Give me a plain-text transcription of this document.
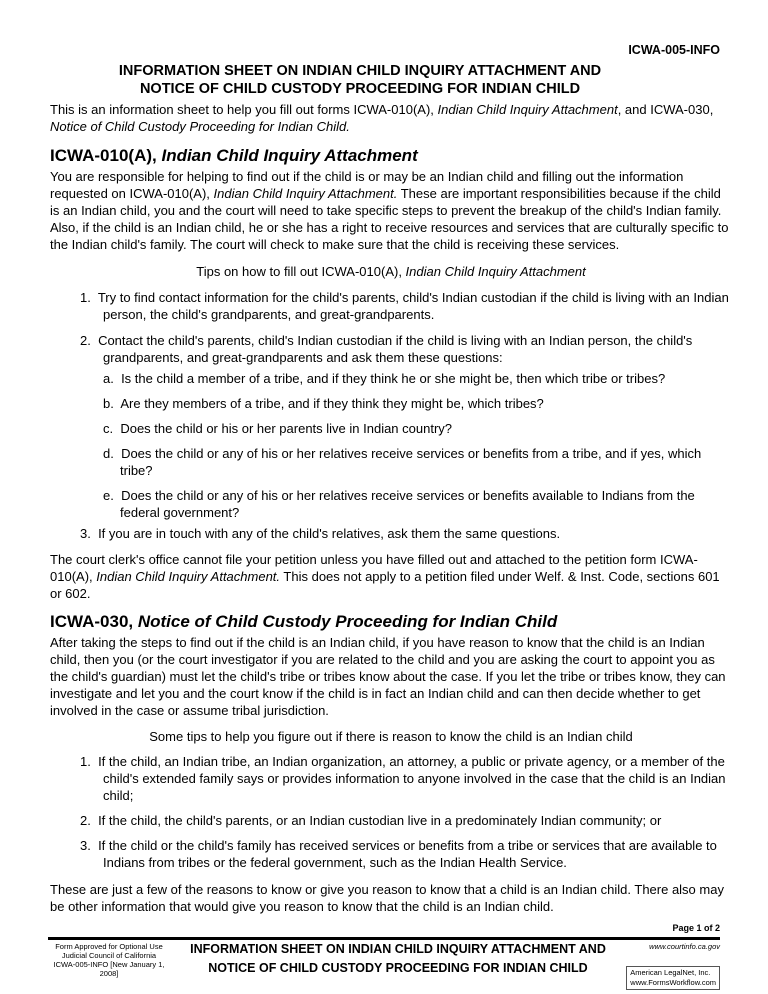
ICWA-005-INFO
INFORMATION SHEET ON INDIAN CHILD INQUIRY ATTACHMENT AND
NOTICE OF CHILD CUSTODY PROCEEDING FOR INDIAN CHILD
This is an information sheet to help you fill out forms ICWA-010(A), Indian Child Inquiry Attachment, and ICWA-030,
Notice of Child Custody Proceeding for Indian Child.
ICWA-010(A), Indian Child Inquiry Attachment
You are responsible for helping to find out if the child is or may be an Indian child and filling out the information requested on ICWA-010(A), Indian Child Inquiry Attachment. These are important responsibilities because if the child is an Indian child, you and the court will need to take specific steps to prevent the breakup of the child's Indian family. Also, if the child is an Indian child, he or she has a right to receive resources and services that are culturally specific to the Indian child's family. The court will check to make sure that the child is receiving these services.
Tips on how to fill out ICWA-010(A), Indian Child Inquiry Attachment
1.  Try to find contact information for the child's parents, child's Indian custodian if the child is living with an Indian person, the child's grandparents, and great-grandparents.
2.  Contact the child's parents, child's Indian custodian if the child is living with an Indian person, the child's grandparents, and great-grandparents and ask them these questions:
a.  Is the child a member of a tribe, and if they think he or she might be, then which tribe or tribes?
b.  Are they members of a tribe, and if they think they might be, which tribes?
c.  Does the child or his or her parents live in Indian country?
d.  Does the child or any of his or her relatives receive services or benefits from a tribe, and if yes, which tribe?
e.  Does the child or any of his or her relatives receive services or benefits available to Indians from the federal government?
3.  If you are in touch with any of the child's relatives, ask them the same questions.
The court clerk's office cannot file your petition unless you have filled out and attached to the petition form ICWA-010(A), Indian Child Inquiry Attachment. This does not apply to a petition filed under Welf. & Inst. Code, sections 601 or 602.
ICWA-030, Notice of Child Custody Proceeding for Indian Child
After taking the steps to find out if the child is an Indian child, if you have reason to know that the child is an Indian child, then you (or the court investigator if you are related to the child and you are asking the court to appoint you as the child's guardian) must let the child's tribe or tribes know about the case. If you let the tribe or tribes know, they can investigate and let you and the court know if the child is in fact an Indian child and can then decide whether to get involved in the case or assume tribal jurisdiction.
Some tips to help you figure out if there is reason to know the child is an Indian child
1.  If the child, an Indian tribe, an Indian organization, an attorney, a public or private agency, or a member of the child's extended family says or provides information to anyone involved in the case that the child is an Indian child;
2.  If the child, the child's parents, or an Indian custodian live in a predominately Indian community; or
3.  If the child or the child's family has received services or benefits from a tribe or services that are available to Indians from tribes or the federal government, such as the Indian Health Service.
These are just a few of the reasons to know or give you reason to know that a child is an Indian child. There also may be other information that would give you reason to know that the child is an Indian child.
Page 1 of 2
Form Approved for Optional Use
Judicial Council of California
ICWA-005-INFO [New January 1, 2008]
INFORMATION SHEET ON INDIAN CHILD INQUIRY ATTACHMENT AND
NOTICE OF CHILD CUSTODY PROCEEDING FOR INDIAN CHILD
www.courtinfo.ca.gov
American LegalNet, Inc.
www.FormsWorkflow.com
